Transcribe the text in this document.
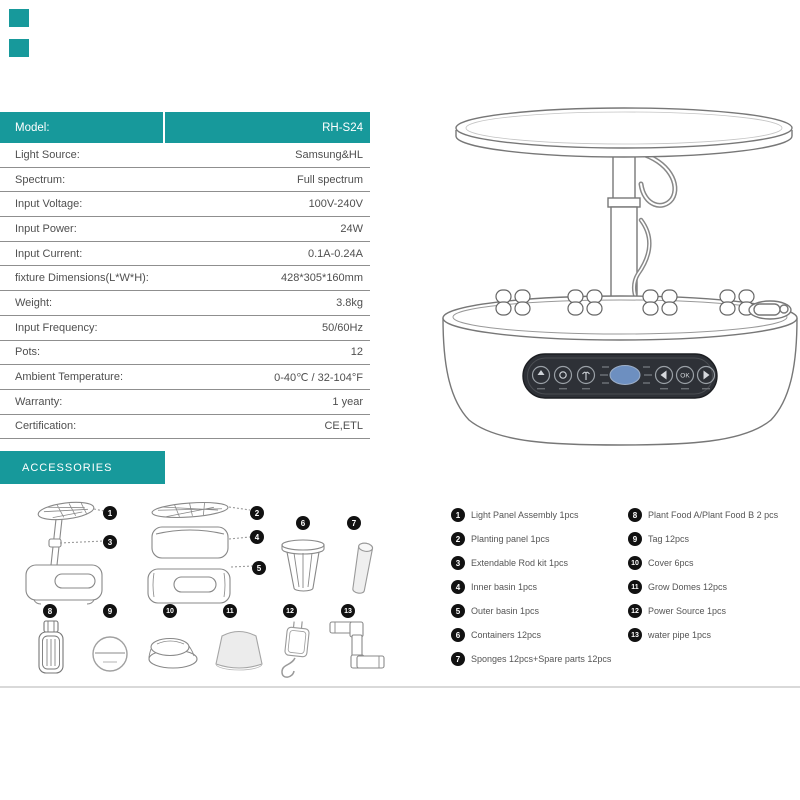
Model:	RH-S24
Light Source:	Samsung&HL
Spectrum:	Full spectrum
Input Voltage:	100V-240V
Input Power:	24W
Input Current:	0.1A-0.24A
fixture Dimensions(L*W*H):	428*305*160mm
Weight:	3.8kg
Input Frequency:	50/60Hz
Pots:	12
Ambient Temperature:	0-40℃ / 32-104°F
Warranty:	1 year
Certification:	CE,ETL
OK
ACCESSORIES
1	2
3
4
5
6	7
8	9	10	11	12	13
1	Light Panel Assembly 1pcs
2	Planting panel 1pcs
3	Extendable Rod kit 1pcs
4	Inner basin 1pcs
5	Outer basin 1pcs
6	Containers 12pcs
7	Sponges 12pcs+Spare parts 12pcs
8	Plant Food A/Plant Food B 2 pcs
9	Tag 12pcs
10	Cover 6pcs
11	Grow Domes 12pcs
12	Power Source 1pcs
13	water pipe 1pcs
